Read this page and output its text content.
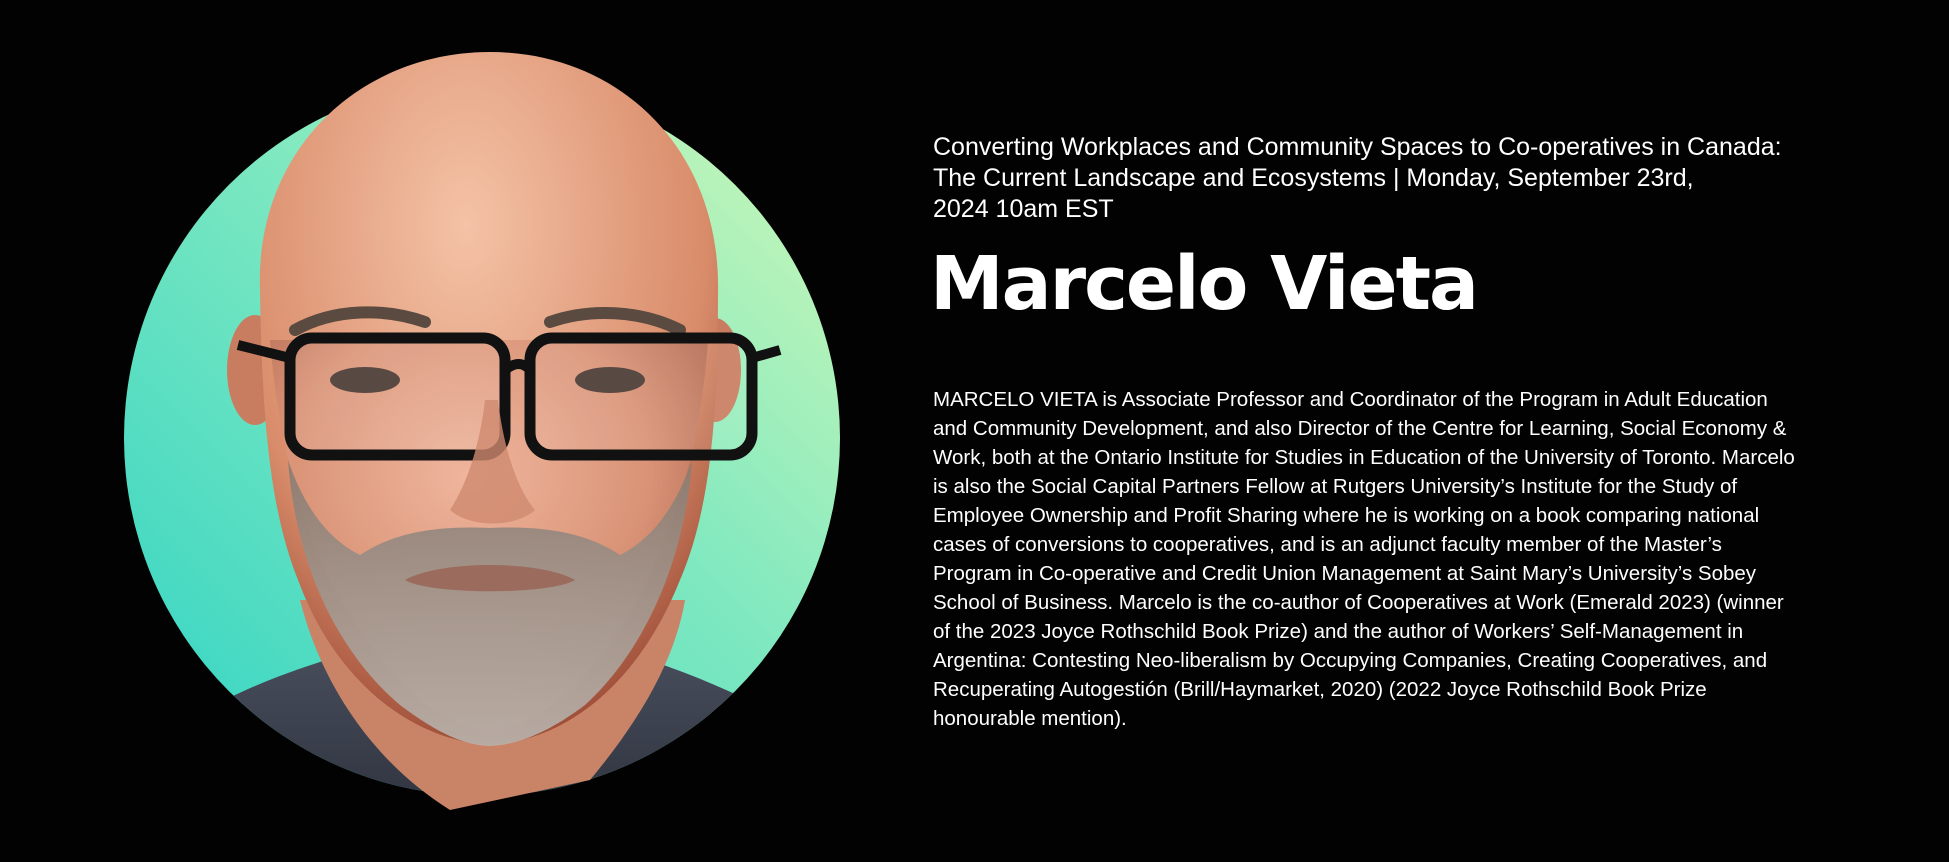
Converting Workplaces and Community Spaces to Co-operatives in Canada:
The Current Landscape and Ecosystems | Monday, September 23rd,
2024 10am EST

Marcelo Vieta

MARCELO VIETA is Associate Professor and Coordinator of the Program in Adult Education and Community Development, and also Director of the Centre for Learning, Social Economy & Work, both at the Ontario Institute for Studies in Education of the University of Toronto. Marcelo is also the Social Capital Partners Fellow at Rutgers University’s Institute for the Study of Employee Ownership and Profit Sharing where he is working on a book comparing national cases of conversions to cooperatives, and is an adjunct faculty member of the Master’s Program in Co-operative and Credit Union Management at Saint Mary’s University’s Sobey School of Business. Marcelo is the co-author of Cooperatives at Work (Emerald 2023) (winner of the 2023 Joyce Rothschild Book Prize) and the author of Workers’ Self-Management in Argentina: Contesting Neo-liberalism by Occupying Companies, Creating Cooperatives, and Recuperating Autogestión (Brill/Haymarket, 2020) (2022 Joyce Rothschild Book Prize honourable mention).
